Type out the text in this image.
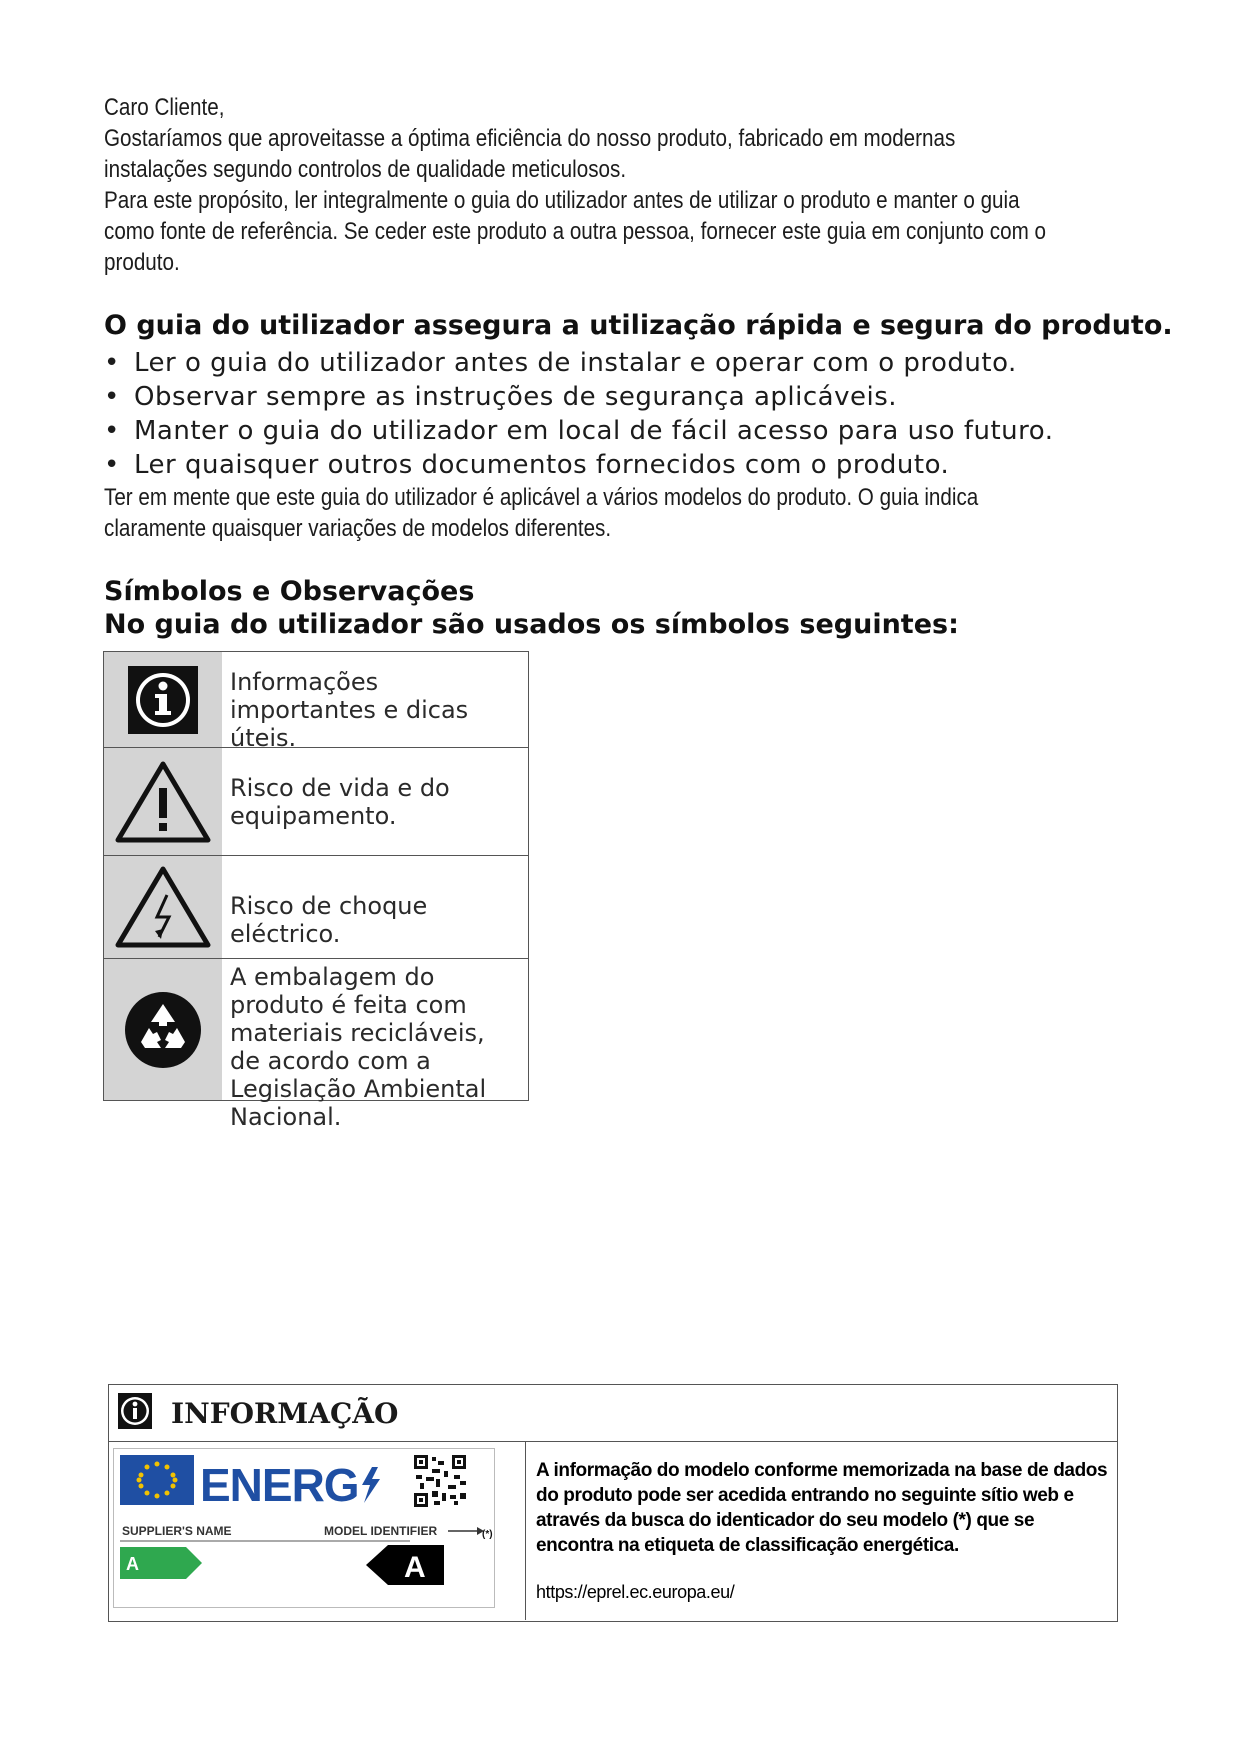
Caro Cliente,

Gostaríamos que aproveitasse a óptima eficiência do nosso produto, fabricado em modernas

instalações segundo controlos de qualidade meticulosos.

Para este propósito, ler integralmente o guia do utilizador antes de utilizar o produto e manter o guia

como fonte de referência. Se ceder este produto a outra pessoa, fornecer este guia em conjunto com o

produto.

O guia do utilizador assegura a utilização rápida e segura do produto.
• Ler o guia do utilizador antes de instalar e operar com o produto.
• Observar sempre as instruções de segurança aplicáveis.
• Manter o guia do utilizador em local de fácil acesso para uso futuro.
• Ler quaisquer outros documentos fornecidos com o produto.
Ter em mente que este guia do utilizador é aplicável a vários modelos do produto. O guia indica
claramente quaisquer variações de modelos diferentes.
Símbolos e Observações
No guia do utilizador são usados os símbolos seguintes:
Informações importantes e dicas úteis.
Risco de vida e do equipamento.
Risco de choque eléctrico.
A embalagem do produto é feita com materiais recicláveis, de acordo com a Legislação Ambiental Nacional.
INFORMAÇÃO
ENERG
SUPPLIER'S NAME	MODEL IDENTIFIER	(*)
A	A
A informação do modelo conforme memorizada na base de dados do produto pode ser acedida entrando no seguinte sítio web e através da busca do identicador do seu modelo (*) que se encontra na etiqueta de classificação energética.
https://eprel.ec.europa.eu/
